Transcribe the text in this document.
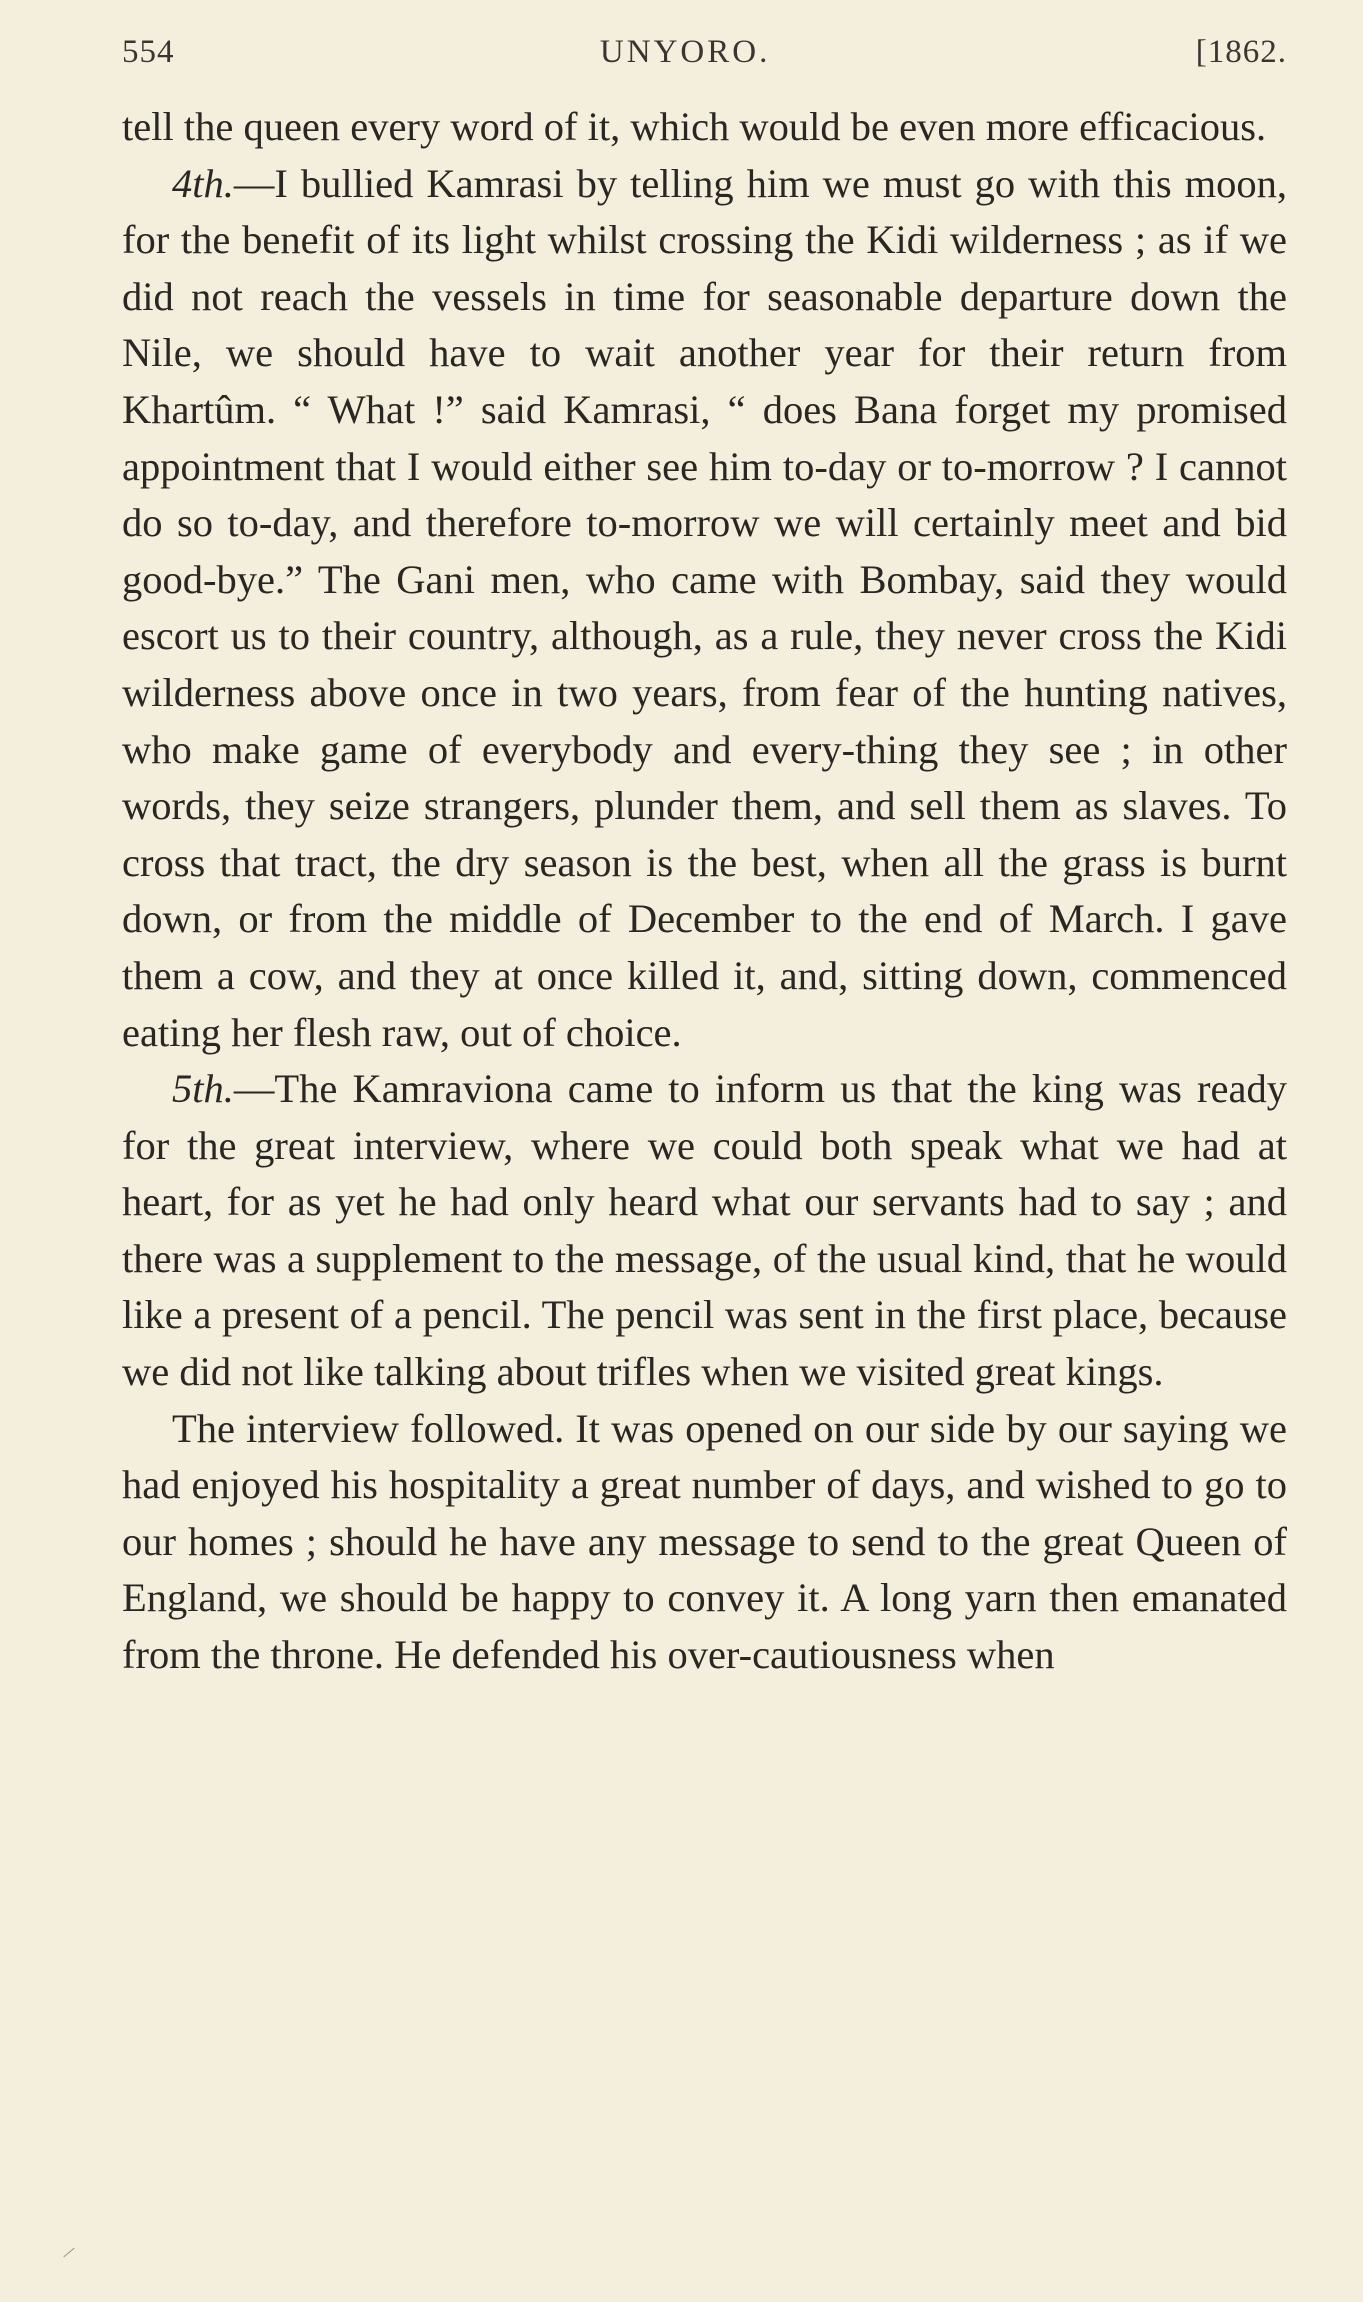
554	UNYORO.	[1862.

tell the queen every word of it, which would be even more efficacious.

4th.—I bullied Kamrasi by telling him we must go with this moon, for the benefit of its light whilst crossing the Kidi wilderness ; as if we did not reach the vessels in time for seasonable departure down the Nile, we should have to wait another year for their return from Khartûm. “ What !” said Kamrasi, “ does Bana forget my promised appointment that I would either see him to-day or to-morrow ? I cannot do so to-day, and therefore to-morrow we will certainly meet and bid good-bye.” The Gani men, who came with Bombay, said they would escort us to their country, although, as a rule, they never cross the Kidi wilderness above once in two years, from fear of the hunting natives, who make game of everybody and every-thing they see ; in other words, they seize strangers, plunder them, and sell them as slaves. To cross that tract, the dry season is the best, when all the grass is burnt down, or from the middle of December to the end of March. I gave them a cow, and they at once killed it, and, sitting down, commenced eating her flesh raw, out of choice.

5th.—The Kamraviona came to inform us that the king was ready for the great interview, where we could both speak what we had at heart, for as yet he had only heard what our servants had to say ; and there was a supplement to the message, of the usual kind, that he would like a present of a pencil. The pencil was sent in the first place, because we did not like talking about trifles when we visited great kings.

The interview followed. It was opened on our side by our saying we had enjoyed his hospitality a great number of days, and wished to go to our homes ; should he have any message to send to the great Queen of England, we should be happy to convey it. A long yarn then emanated from the throne. He defended his over-cautiousness when
